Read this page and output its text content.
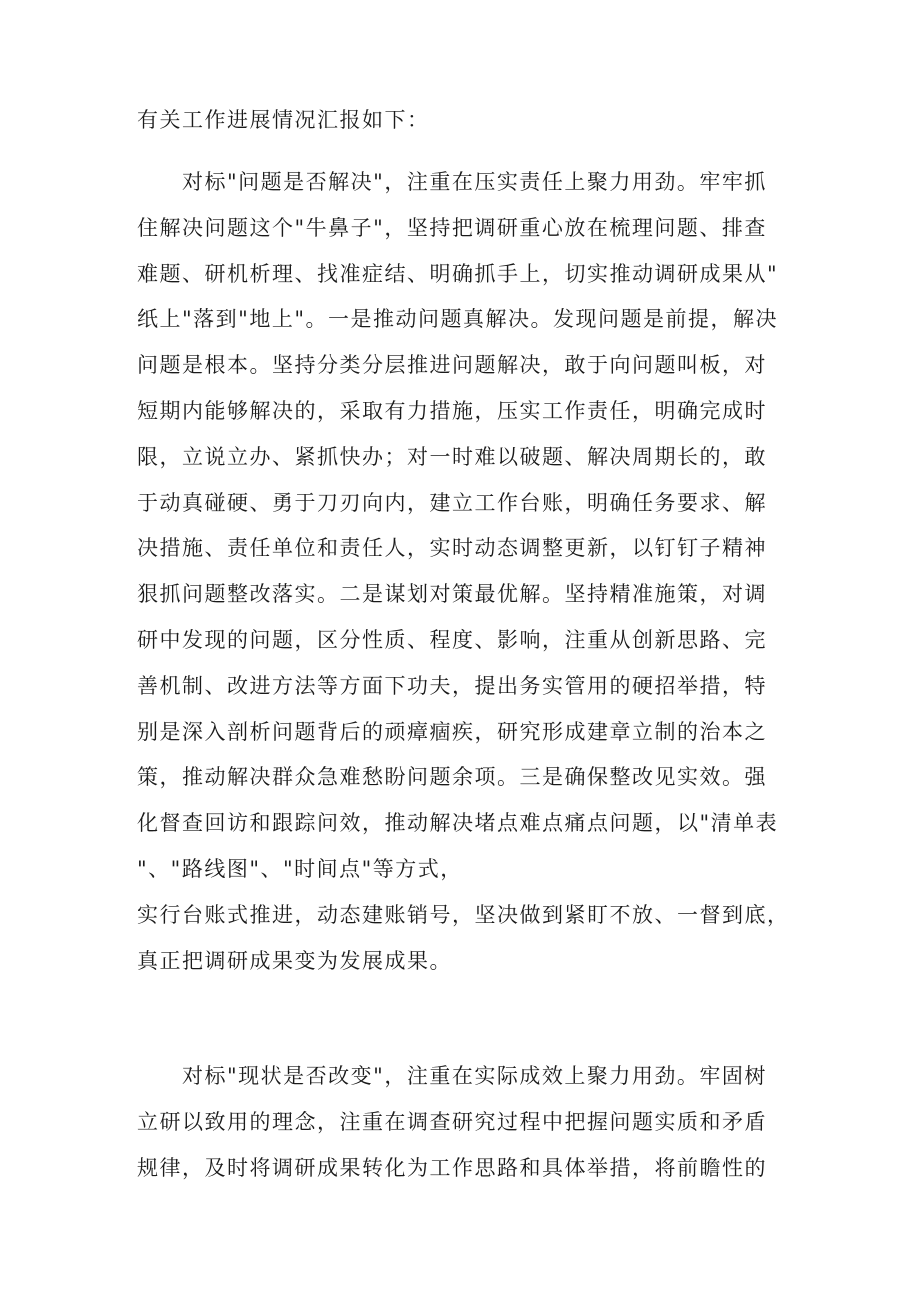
有关工作进展情况汇报如下：
　　对标"问题是否解决"，注重在压实责任上聚力用劲。牢牢抓
住解决问题这个"牛鼻子"，坚持把调研重心放在梳理问题、排查
难题、研机析理、找准症结、明确抓手上，切实推动调研成果从"
纸上"落到"地上"。一是推动问题真解决。发现问题是前提，解决
问题是根本。坚持分类分层推进问题解决，敢于向问题叫板，对
短期内能够解决的，采取有力措施，压实工作责任，明确完成时
限，立说立办、紧抓快办；对一时难以破题、解决周期长的，敢
于动真碰硬、勇于刀刃向内，建立工作台账，明确任务要求、解
决措施、责任单位和责任人，实时动态调整更新，以钉钉子精神
狠抓问题整改落实。二是谋划对策最优解。坚持精准施策，对调
研中发现的问题，区分性质、程度、影响，注重从创新思路、完
善机制、改进方法等方面下功夫，提出务实管用的硬招举措，特
别是深入剖析问题背后的顽瘴痼疾，研究形成建章立制的治本之
策，推动解决群众急难愁盼问题余项。三是确保整改见实效。强
化督查回访和跟踪问效，推动解决堵点难点痛点问题，以"清单表
"、"路线图"、"时间点"等方式，
实行台账式推进，动态建账销号，坚决做到紧盯不放、一督到底，
真正把调研成果变为发展成果。
　　对标"现状是否改变"，注重在实际成效上聚力用劲。牢固树
立研以致用的理念，注重在调查研究过程中把握问题实质和矛盾
规律，及时将调研成果转化为工作思路和具体举措，将前瞻性的
